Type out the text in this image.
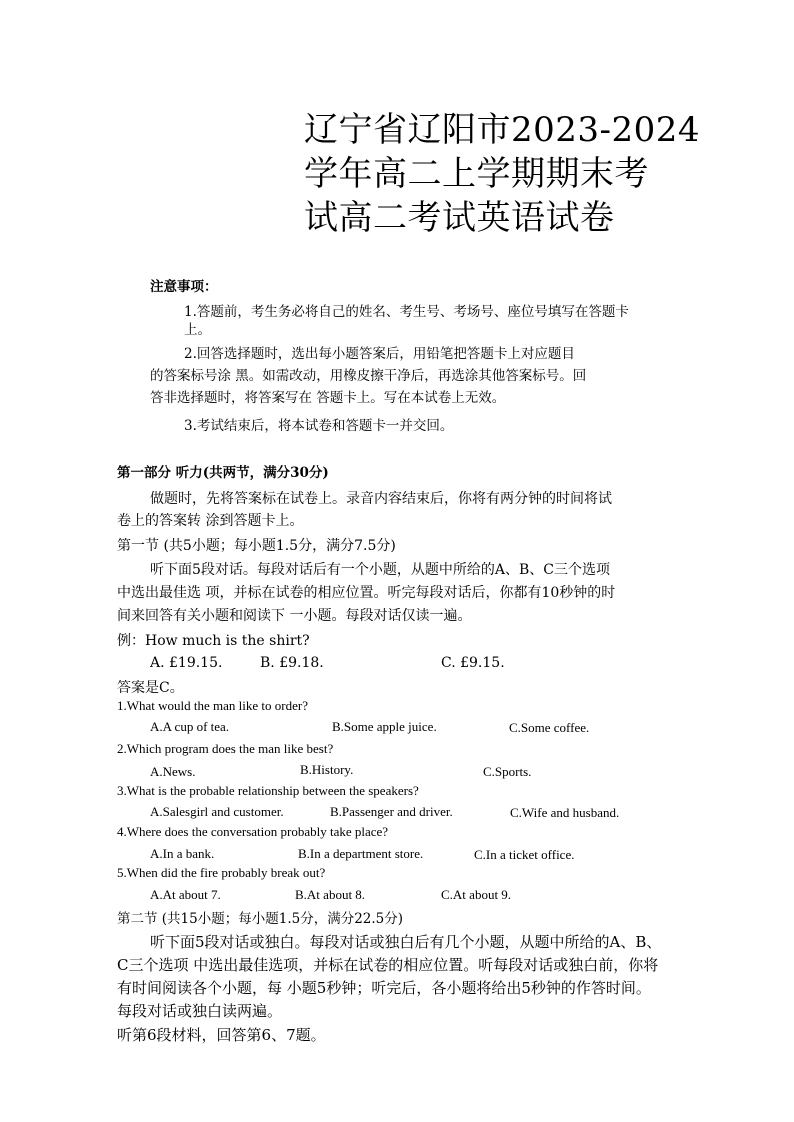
辽宁省辽阳市2023-2024
学年高二上学期期末考
试高二考试英语试卷
注意事项：
1.答题前，考生务必将自己的姓名、考生号、考场号、座位号填写在答题卡
上。
2.回答选择题时，选出每小题答案后，用铅笔把答题卡上对应题目
的答案标号涂 黑。如需改动，用橡皮擦干净后，再选涂其他答案标号。回
答非选择题时，将答案写在 答题卡上。写在本试卷上无效。
3.考试结束后，将本试卷和答题卡一并交回。
第一部分 听力(共两节，满分30分)
做题时，先将答案标在试卷上。录音内容结束后，你将有两分钟的时间将试
卷上的答案转 涂到答题卡上。
第一节 (共5小题；每小题1.5分，满分7.5分)
听下面5段对话。每段对话后有一个小题，从题中所给的A、B、C三个选项
中选出最佳选 项，并标在试卷的相应位置。听完每段对话后，你都有10秒钟的时
间来回答有关小题和阅读下 一小题。每段对话仅读一遍。
例：How much is the shirt?
A. £19.15.	B. £9.18.	C. £9.15.
答案是C。
1.What would the man like to order?
A.A cup of tea.	B.Some apple juice.	C.Some coffee.
2.Which program does the man like best?
A.News.	B.History.	C.Sports.
3.What is the probable relationship between the speakers?
A.Salesgirl and customer.	B.Passenger and driver.	C.Wife and husband.
4.Where does the conversation probably take place?
A.In a bank.	B.In a department store.	C.In a ticket office.
5.When did the fire probably break out?
A.At about 7.	B.At about 8.	C.At about 9.
第二节 (共15小题；每小题1.5分，满分22.5分)
听下面5段对话或独白。每段对话或独白后有几个小题，从题中所给的A、B、
C三个选项 中选出最佳选项，并标在试卷的相应位置。听每段对话或独白前，你将
有时间阅读各个小题，每 小题5秒钟；听完后，各小题将给出5秒钟的作答时间。
每段对话或独白读两遍。
听第6段材料，回答第6、7题。
